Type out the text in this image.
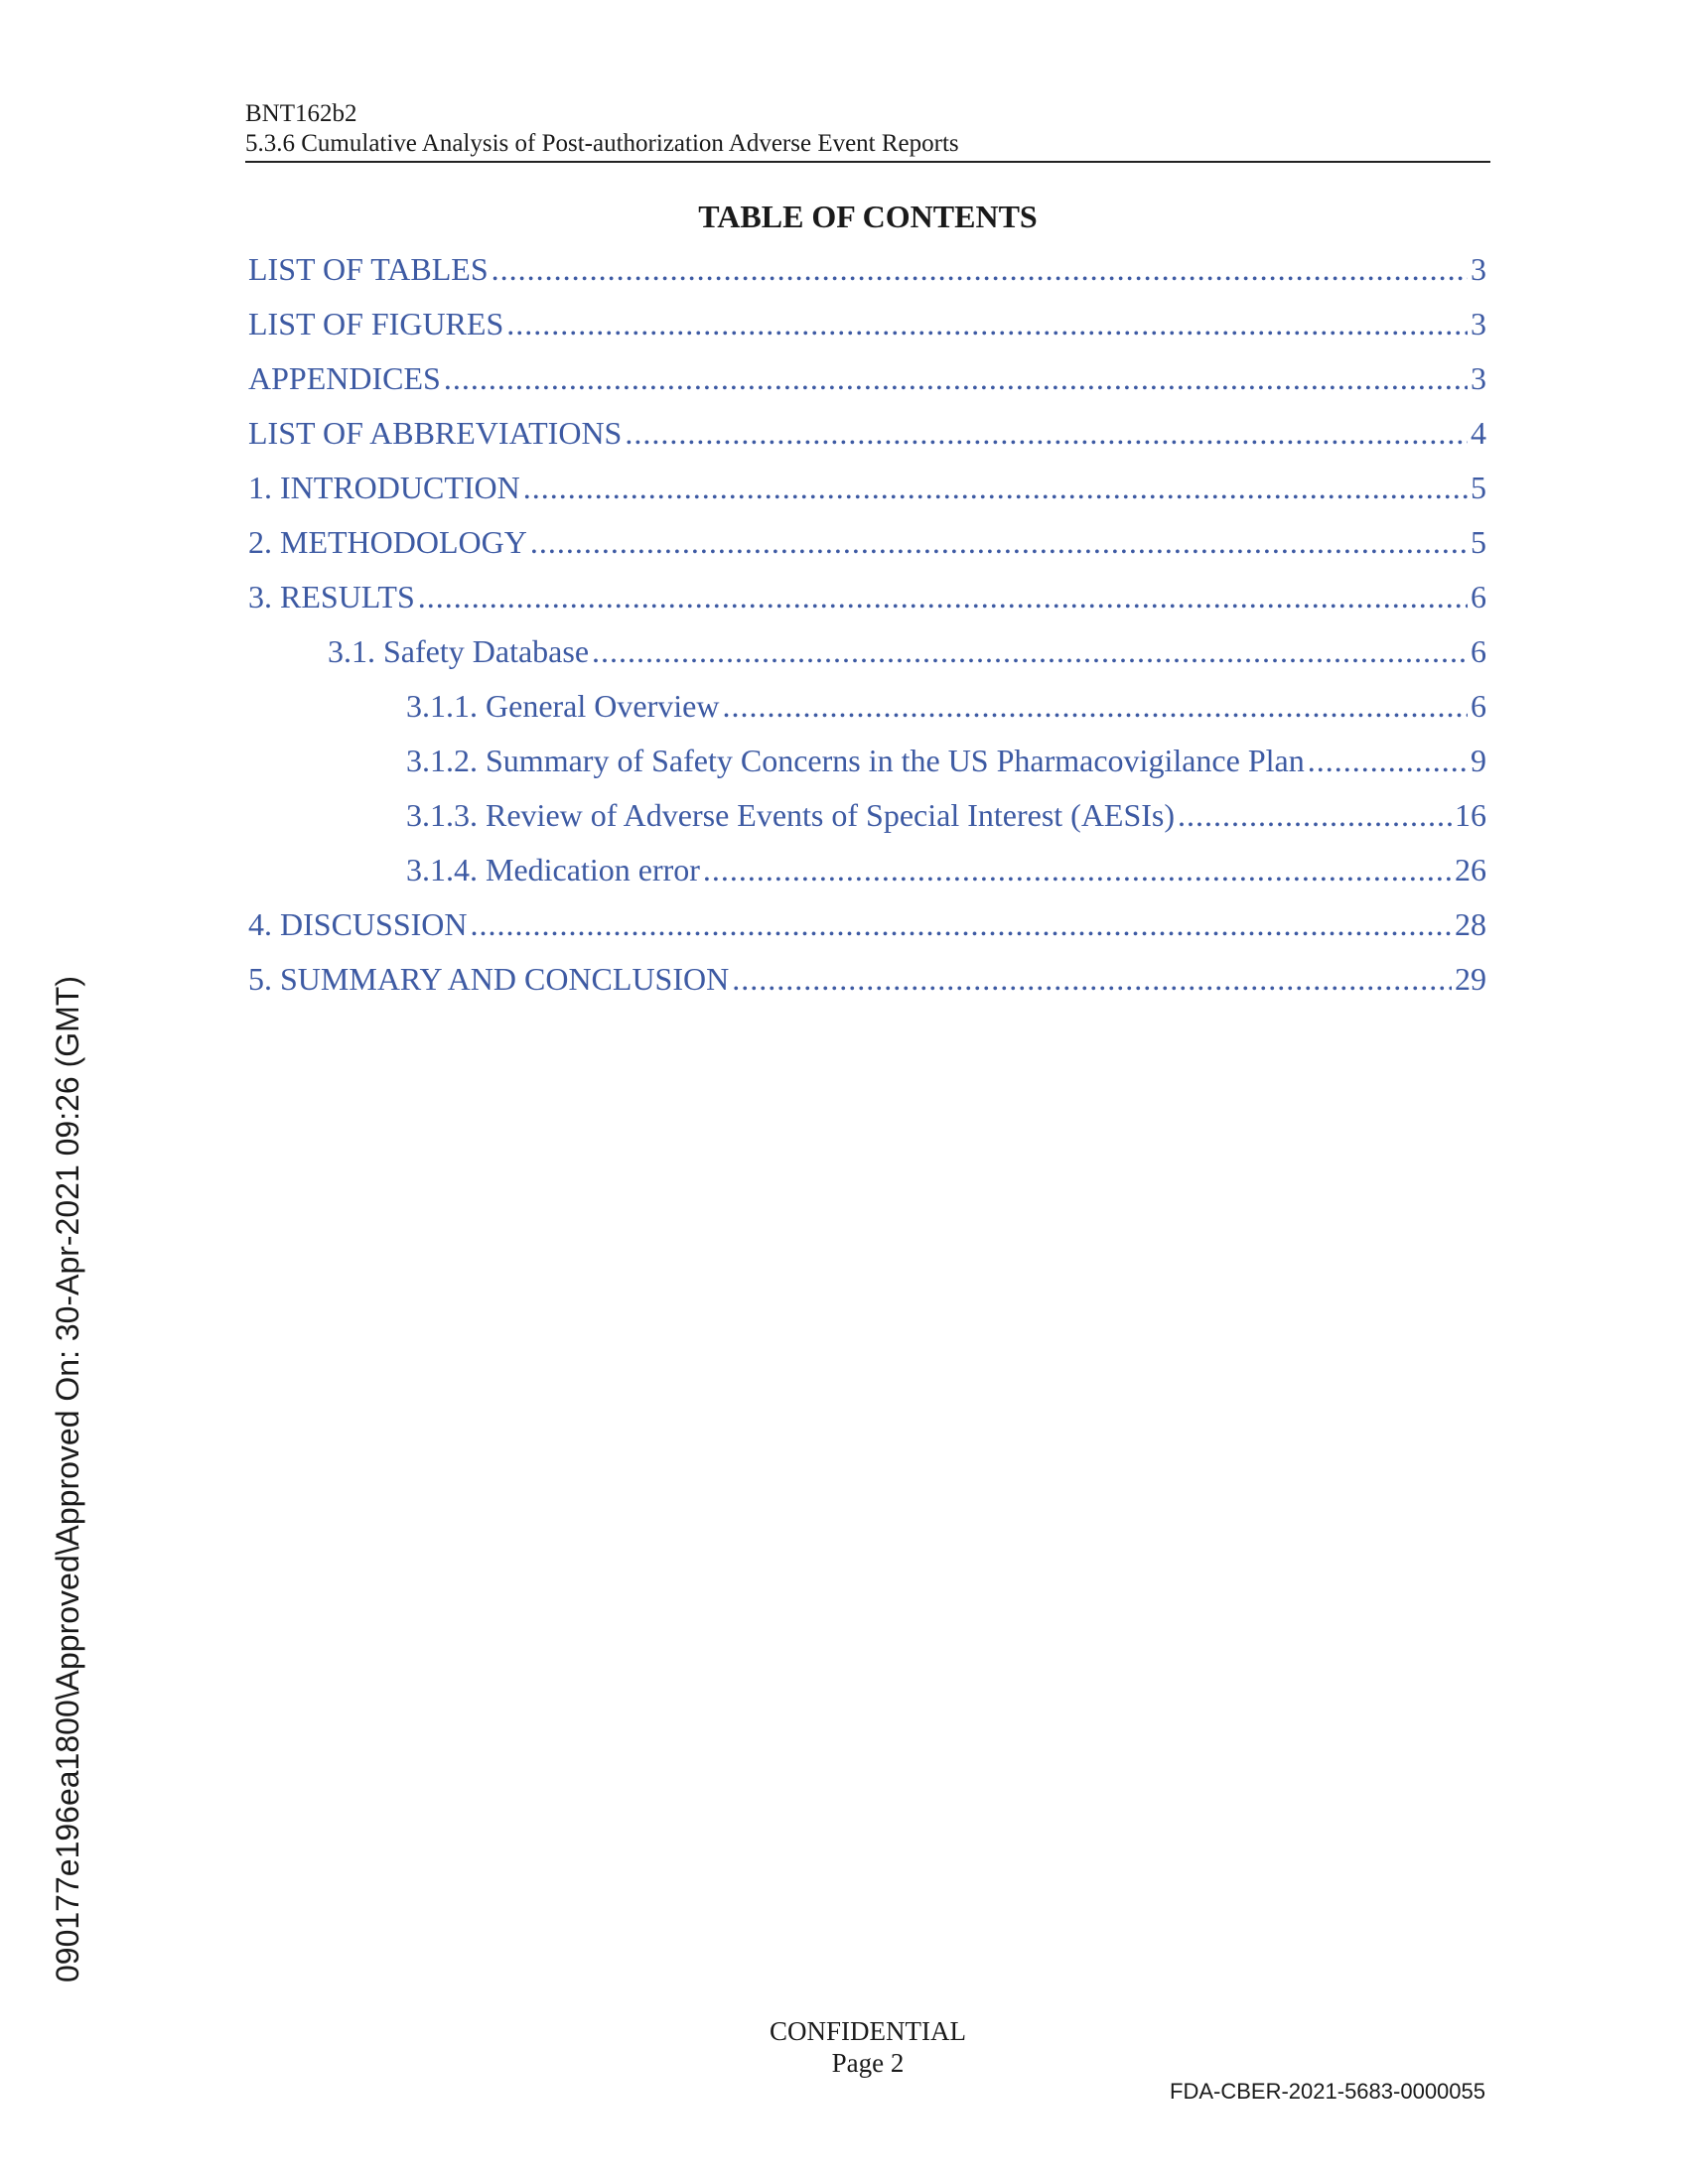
BNT162b2
5.3.6 Cumulative Analysis of Post-authorization Adverse Event Reports
TABLE OF CONTENTS
LIST OF TABLES .....	3
LIST OF FIGURES .....	3
APPENDICES .....	3
LIST OF ABBREVIATIONS .....	4
1. INTRODUCTION .....	5
2. METHODOLOGY .....	5
3. RESULTS .....	6
3.1. Safety Database .....	6
3.1.1. General Overview .....	6
3.1.2. Summary of Safety Concerns in the US Pharmacovigilance Plan .....	9
3.1.3. Review of Adverse Events of Special Interest (AESIs) .....	16
3.1.4. Medication error .....	26
4. DISCUSSION .....	28
5. SUMMARY AND CONCLUSION .....	29
090177e196ea1800\Approved\Approved On: 30-Apr-2021 09:26 (GMT)
CONFIDENTIAL
Page 2
FDA-CBER-2021-5683-0000055
